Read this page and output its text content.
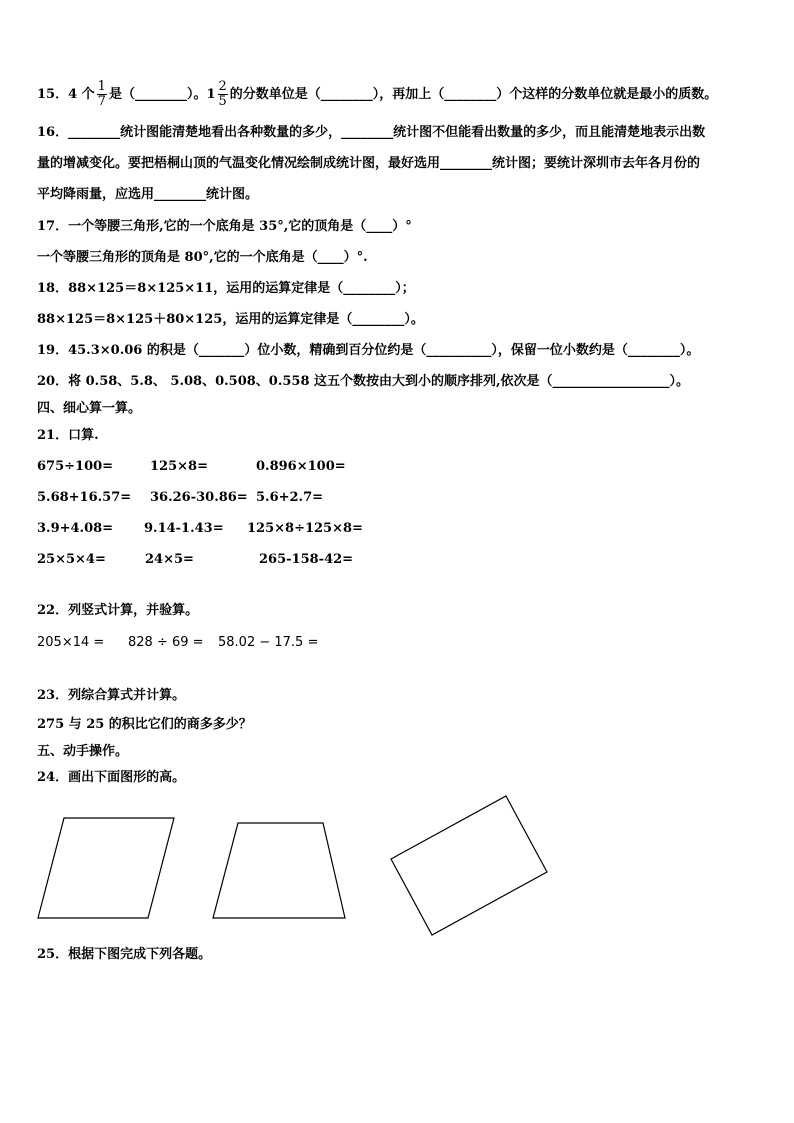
15．4 个 $\frac{1}{7}$ 是（________）。$1 \frac{2}{5}$ 的分数单位是（________），再加上（________）个这样的分数单位就是最小的质数。
16．________统计图能清楚地看出各种数量的多少，________统计图不但能看出数量的多少，而且能清楚地表示出数
量的增减变化。要把梧桐山顶的气温变化情况绘制成统计图，最好选用________统计图；要统计深圳市去年各月份的
平均降雨量，应选用________统计图。
17．一个等腰三角形,它的一个底角是 35°,它的顶角是（____）°
一个等腰三角形的顶角是 80°,它的一个底角是（____）°.
18．88×125＝8×125×11，运用的运算定律是（________）；
88×125＝8×125＋80×125，运用的运算定律是（________）。
19．45.3×0.06 的积是（_______）位小数，精确到百分位约是（__________），保留一位小数约是（________）。
20．将 0.58、5.8、 5.08、0.508、0.558 这五个数按由大到小的顺序排列,依次是（__________________）。
四、细心算一算。
21．口算.
675÷100=	125×8=	0.896×100=
5.68+16.57= 36.26-30.86= 5.6+2.7=
3.9+4.08= 9.14-1.43= 125×8÷125×8=
25×5×4=	24×5=	265-158-42=
22．列竖式计算，并验算。
205×14 = 828 ÷ 69 = 58.02 − 17.5 =
23．列综合算式并计算。
275 与 25 的积比它们的商多多少？
五、动手操作。
24．画出下面图形的高。
25．根据下图完成下列各题。
